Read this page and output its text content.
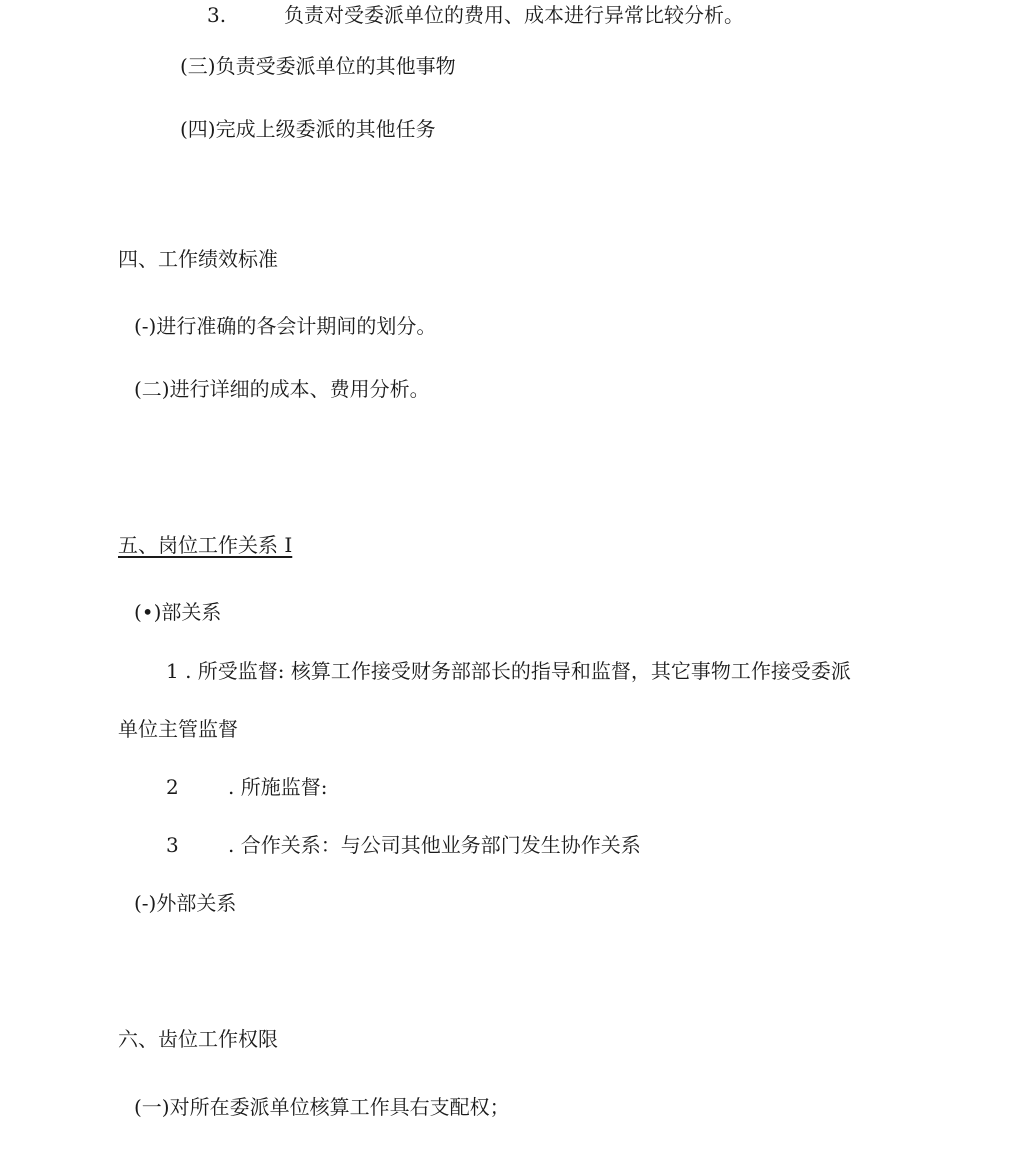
3.	负责对受委派单位的费用、成本进行异常比较分析。
(三)负责受委派单位的其他事物
(四)完成上级委派的其他任务
四、工作绩效标准
(-)进行准确的各会计期间的划分。
(二)进行详细的成本、费用分析。
五、岗位工作关系 I
(•)部关系
1 . 所受监督: 核算工作接受财务部部长的指导和监督，其它事物工作接受委派
单位主管监督
2 . 所施监督:
3 . 合作关系：与公司其他业务部门发生协作关系
(-)外部关系
六、齿位工作权限
(一)对所在委派单位核算工作具右支配权；
